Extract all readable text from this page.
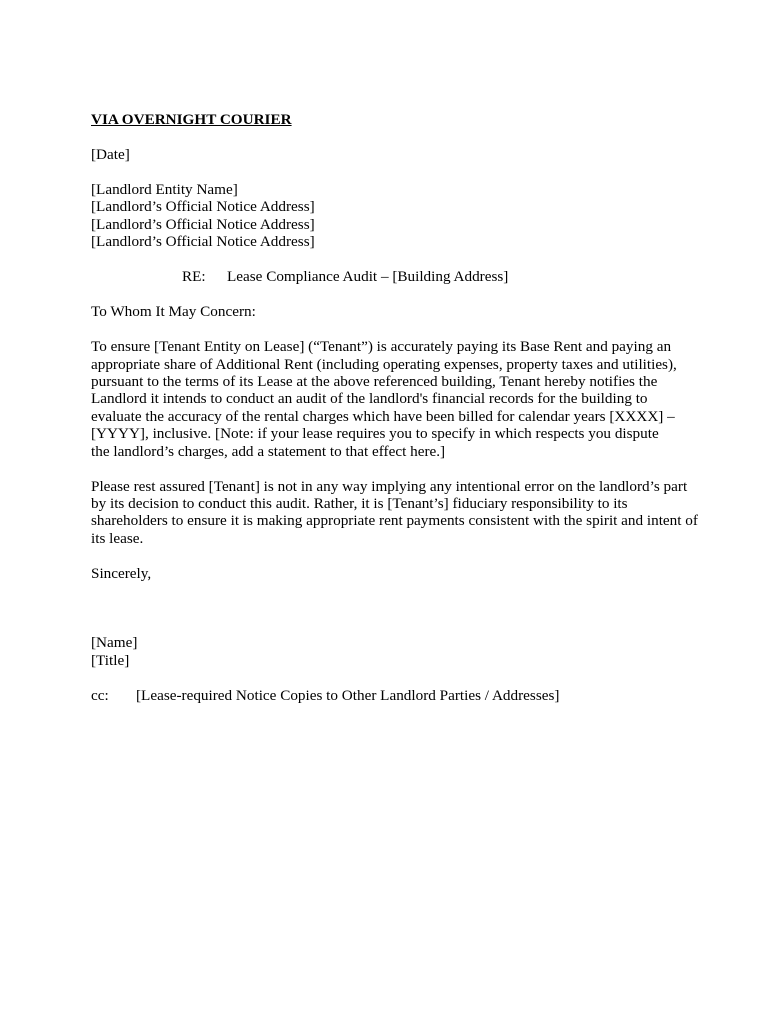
VIA OVERNIGHT COURIER
[Date]
[Landlord Entity Name]
[Landlord’s Official Notice Address]
[Landlord’s Official Notice Address]
[Landlord’s Official Notice Address]
RE: Lease Compliance Audit – [Building Address]
To Whom It May Concern:
To ensure [Tenant Entity on Lease] (“Tenant”) is accurately paying its Base Rent and paying an
appropriate share of Additional Rent (including operating expenses, property taxes and utilities),
pursuant to the terms of its Lease at the above referenced building, Tenant hereby notifies the
Landlord it intends to conduct an audit of the landlord's financial records for the building to
evaluate the accuracy of the rental charges which have been billed for calendar years [XXXX] –
[YYYY], inclusive. [Note: if your lease requires you to specify in which respects you dispute
the landlord’s charges, add a statement to that effect here.]
Please rest assured [Tenant] is not in any way implying any intentional error on the landlord’s part
by its decision to conduct this audit. Rather, it is [Tenant’s] fiduciary responsibility to its
shareholders to ensure it is making appropriate rent payments consistent with the spirit and intent of
its lease.
Sincerely,
[Name]
[Title]
cc: [Lease-required Notice Copies to Other Landlord Parties / Addresses]
